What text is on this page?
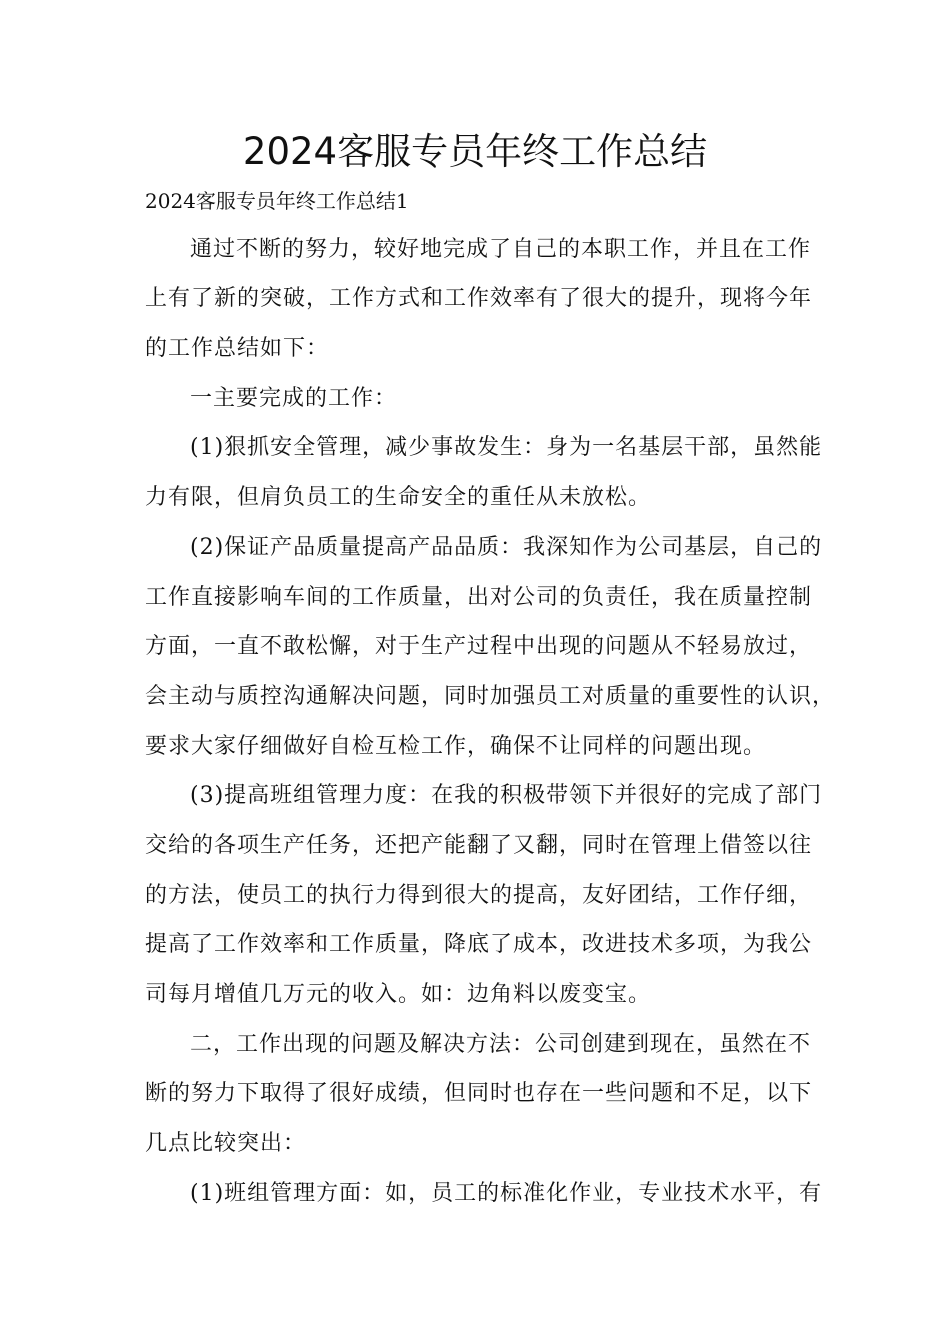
2024客服专员年终工作总结

2024客服专员年终工作总结1

通过不断的努力，较好地完成了自己的本职工作，并且在工作

上有了新的突破，工作方式和工作效率有了很大的提升，现将今年

的工作总结如下：

一主要完成的工作：

(1)狠抓安全管理，减少事故发生：身为一名基层干部，虽然能

力有限，但肩负员工的生命安全的重任从未放松。

(2)保证产品质量提高产品品质：我深知作为公司基层，自己的

工作直接影响车间的工作质量，出对公司的负责任，我在质量控制

方面，一直不敢松懈，对于生产过程中出现的问题从不轻易放过，

会主动与质控沟通解决问题，同时加强员工对质量的重要性的认识，

要求大家仔细做好自检互检工作，确保不让同样的问题出现。

(3)提高班组管理力度：在我的积极带领下并很好的完成了部门

交给的各项生产任务，还把产能翻了又翻，同时在管理上借签以往

的方法，使员工的执行力得到很大的提高，友好团结，工作仔细，

提高了工作效率和工作质量，降底了成本，改进技术多项，为我公

司每月增值几万元的收入。如：边角料以废变宝。

二，工作出现的问题及解决方法：公司创建到现在，虽然在不

断的努力下取得了很好成绩，但同时也存在一些问题和不足，以下

几点比较突出：

(1)班组管理方面：如，员工的标准化作业，专业技术水平，有
